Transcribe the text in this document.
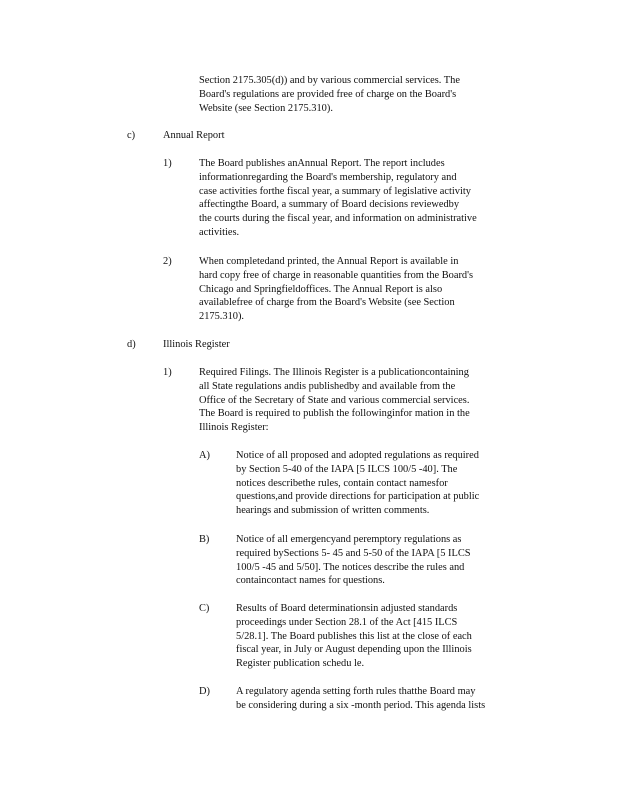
Section 2175.305(d)) and by various commercial services. The

Board's regulations are provided free of charge on the Board's

Website (see Section 2175.310).

c)	Annual Report
1)	The Board publishes anAnnual Report. The report includes

informationregarding the Board's membership, regulatory and

case activities forthe fiscal year, a summary of legislative activity

affectingthe Board, a summary of Board decisions reviewedby

the courts during the fiscal year, and information on administrative

activities.

2)	When completedand printed, the Annual Report is available in

hard copy free of charge in reasonable quantities from the Board's

Chicago and Springfieldoffices. The Annual Report is also

availablefree of charge from the Board's Website (see Section

2175.310).

d)	Illinois Register
1)	Required Filings. The Illinois Register is a publicationcontaining

all State regulations andis publishedby and available from the

Office of the Secretary of State and various commercial services.

The Board is required to publish the followinginfor mation in the

Illinois Register:

A)	Notice of all proposed and adopted regulations as required

by Section 5-40 of the IAPA [5 ILCS 100/5 -40]. The

notices describethe rules, contain contact namesfor

questions,and provide directions for participation at public

hearings and submission of written comments.

B)	Notice of all emergencyand peremptory regulations as

required bySections 5- 45 and 5-50 of the IAPA [5 ILCS

100/5 -45 and 5/50]. The notices describe the rules and

containcontact names for questions.

C)	Results of Board determinationsin adjusted standards

proceedings under Section 28.1 of the Act [415 ILCS

5/28.1]. The Board publishes this list at the close of each

fiscal year, in July or August depending upon the Illinois

Register publication schedu le.

D)	A regulatory agenda setting forth rules thatthe Board may

be considering during a six -month period. This agenda lists
